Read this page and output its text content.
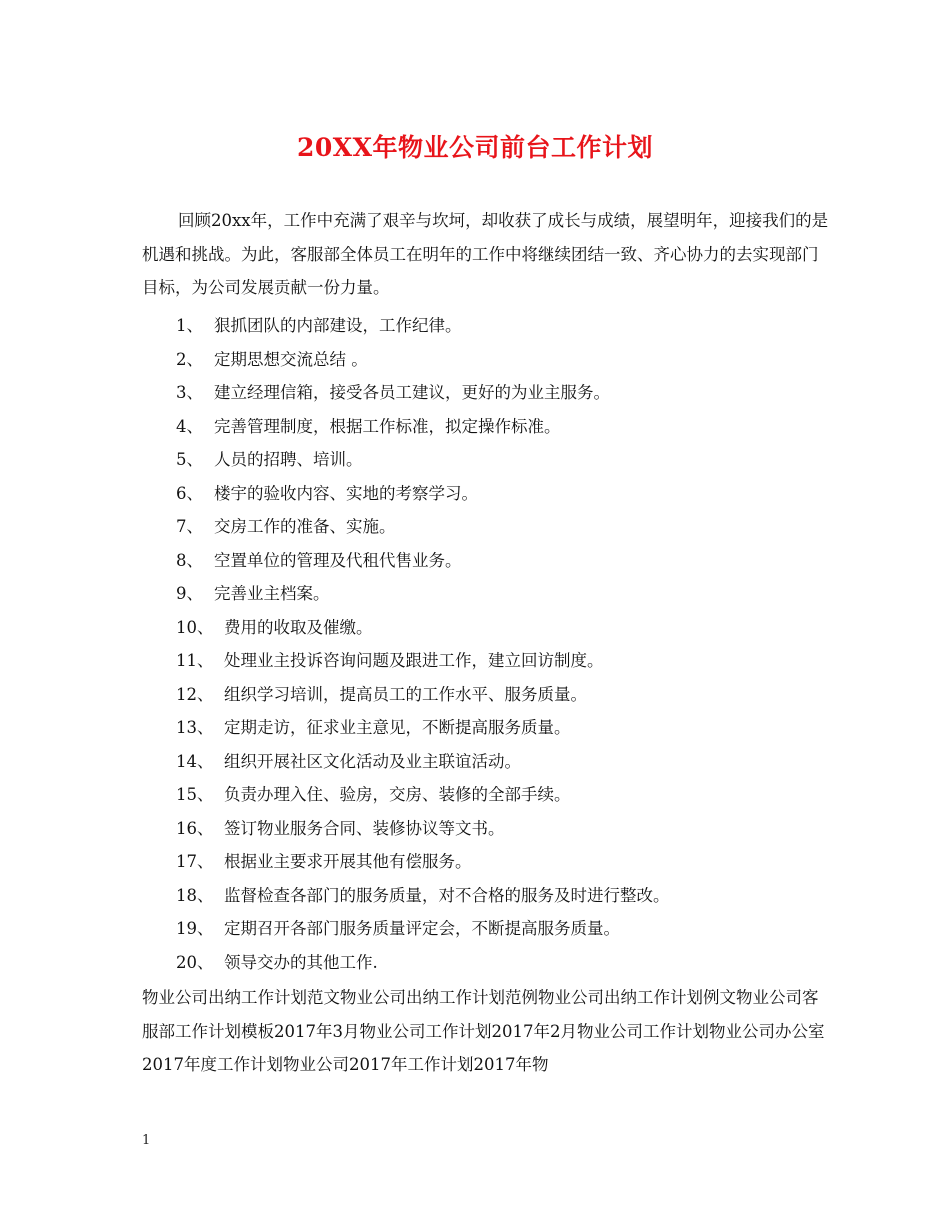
20XX年物业公司前台工作计划

回顾20xx年，工作中充满了艰辛与坎坷，却收获了成长与成绩，展望明年，迎接我们的是机遇和挑战。为此，客服部全体员工在明年的工作中将继续团结一致、齐心协力的去实现部门目标，为公司发展贡献一份力量。

1、 狠抓团队的内部建设，工作纪律。
2、 定期思想交流总结 。
3、 建立经理信箱，接受各员工建议，更好的为业主服务。
4、 完善管理制度，根据工作标准，拟定操作标准。
5、 人员的招聘、培训。
6、 楼宇的验收内容、实地的考察学习。
7、 交房工作的准备、实施。
8、 空置单位的管理及代租代售业务。
9、 完善业主档案。
10、 费用的收取及催缴。
11、 处理业主投诉咨询问题及跟进工作，建立回访制度。
12、 组织学习培训，提高员工的工作水平、服务质量。
13、 定期走访，征求业主意见，不断提高服务质量。
14、 组织开展社区文化活动及业主联谊活动。
15、 负责办理入住、验房，交房、装修的全部手续。
16、 签订物业服务合同、装修协议等文书。
17、 根据业主要求开展其他有偿服务。
18、 监督检查各部门的服务质量，对不合格的服务及时进行整改。
19、 定期召开各部门服务质量评定会，不断提高服务质量。
20、 领导交办的其他工作.

物业公司出纳工作计划范文物业公司出纳工作计划范例物业公司出纳工作计划例文物业公司客服部工作计划模板2017年3月物业公司工作计划2017年2月物业公司工作计划物业公司办公室2017年度工作计划物业公司2017年工作计划2017年物

1
